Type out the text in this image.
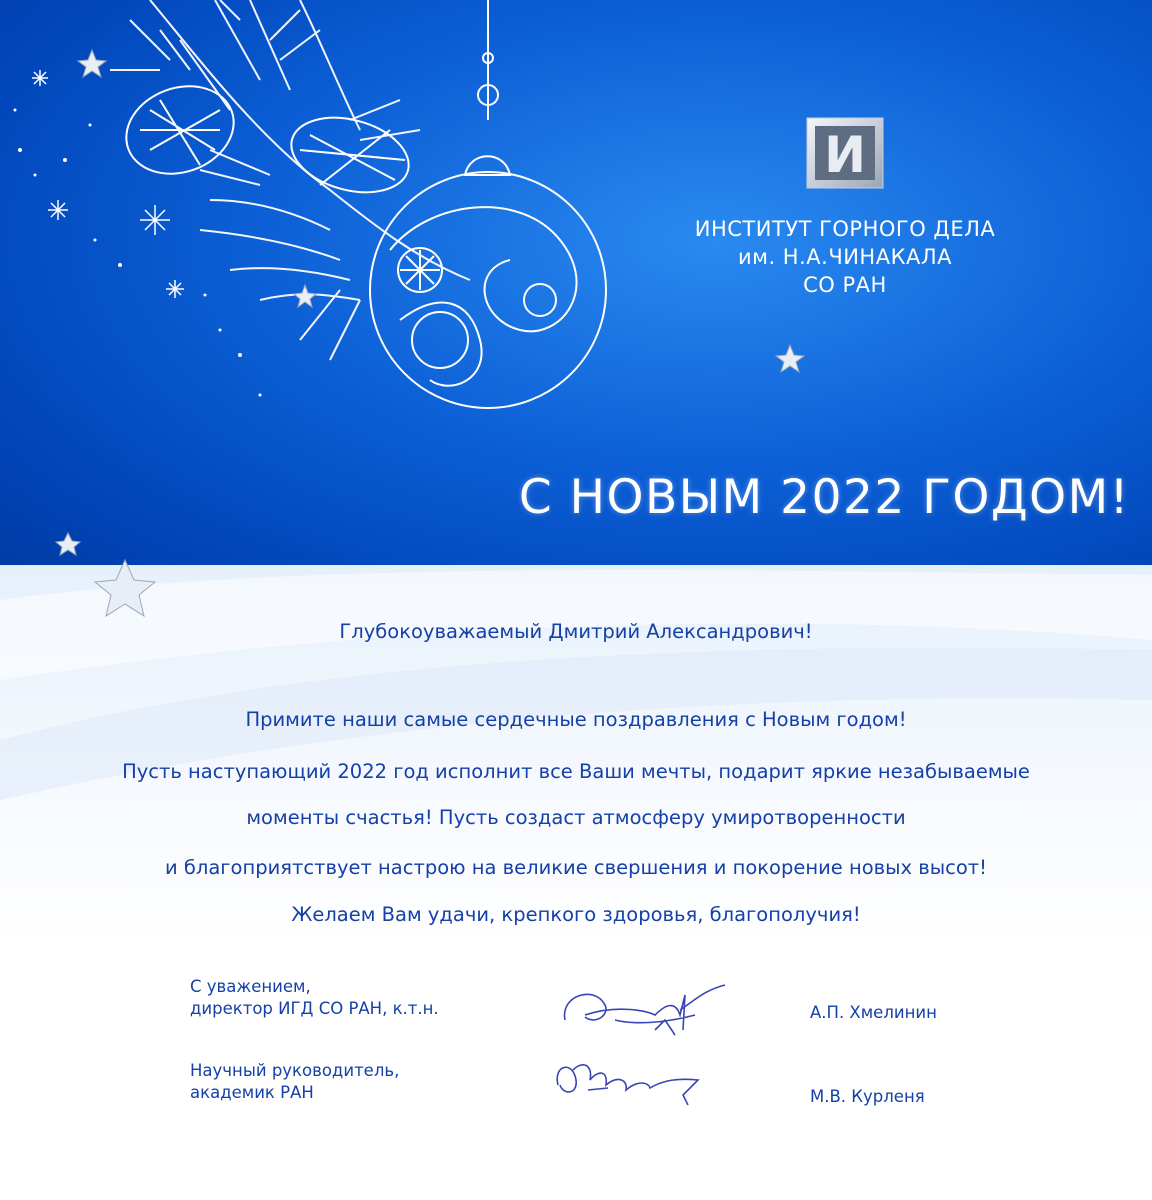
И
ИНСТИТУТ ГОРНОГО ДЕЛА
им. Н.А.ЧИНАКАЛА
СО РАН
С НОВЫМ 2022 ГОДОМ!
Глубокоуважаемый Дмитрий Александрович!
Примите наши самые сердечные поздравления с Новым годом!
Пусть наступающий 2022 год исполнит все Ваши мечты, подарит яркие незабываемые
моменты счастья! Пусть создаст атмосферу умиротворенности
и благоприятствует настрою на великие свершения и покорение новых высот!
Желаем Вам удачи, крепкого здоровья, благополучия!
С уважением,
директор ИГД СО РАН, к.т.н.	А.П. Хмелинин
Научный руководитель,
академик РАН	М.В. Курленя
